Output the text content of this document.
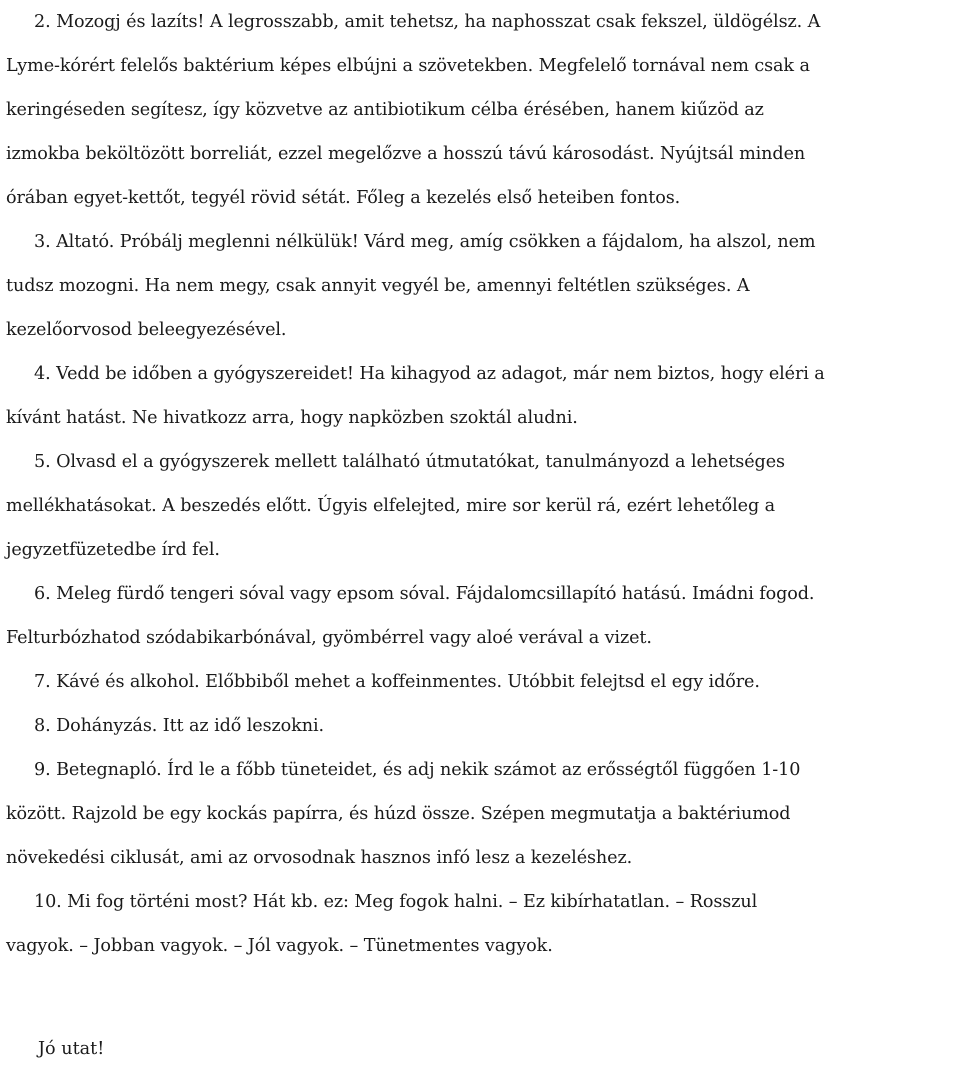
2. Mozogj és lazíts! A legrosszabb, amit tehetsz, ha naphosszat csak fekszel, üldögélsz. A
Lyme-kórért felelős baktérium képes elbújni a szövetekben. Megfelelő tornával nem csak a
keringéseden segítesz, így közvetve az antibiotikum célba érésében, hanem kiűzöd az
izmokba beköltözött borreliát, ezzel megelőzve a hosszú távú károsodást. Nyújtsál minden
órában egyet-kettőt, tegyél rövid sétát. Főleg a kezelés első heteiben fontos.
3. Altató. Próbálj meglenni nélkülük! Várd meg, amíg csökken a fájdalom, ha alszol, nem
tudsz mozogni. Ha nem megy, csak annyit vegyél be, amennyi feltétlen szükséges. A
kezelőorvosod beleegyezésével.
4. Vedd be időben a gyógyszereidet! Ha kihagyod az adagot, már nem biztos, hogy eléri a
kívánt hatást. Ne hivatkozz arra, hogy napközben szoktál aludni.
5. Olvasd el a gyógyszerek mellett található útmutatókat, tanulmányozd a lehetséges
mellékhatásokat. A beszedés előtt. Úgyis elfelejted, mire sor kerül rá, ezért lehetőleg a
jegyzetfüzetedbe írd fel.
6. Meleg fürdő tengeri sóval vagy epsom sóval. Fájdalomcsillapító hatású. Imádni fogod.
Felturbózhatod szódabikarbónával, gyömbérrel vagy aloé verával a vizet.
7. Kávé és alkohol. Előbbiből mehet a koffeinmentes. Utóbbit felejtsd el egy időre.
8. Dohányzás. Itt az idő leszokni.
9. Betegnapló. Írd le a főbb tüneteidet, és adj nekik számot az erősségtől függően 1-10
között. Rajzold be egy kockás papírra, és húzd össze. Szépen megmutatja a baktériumod
növekedési ciklusát, ami az orvosodnak hasznos infó lesz a kezeléshez.
10. Mi fog történi most? Hát kb. ez: Meg fogok halni. – Ez kibírhatatlan. – Rosszul
vagyok. – Jobban vagyok. – Jól vagyok. – Tünetmentes vagyok.

Jó utat!
